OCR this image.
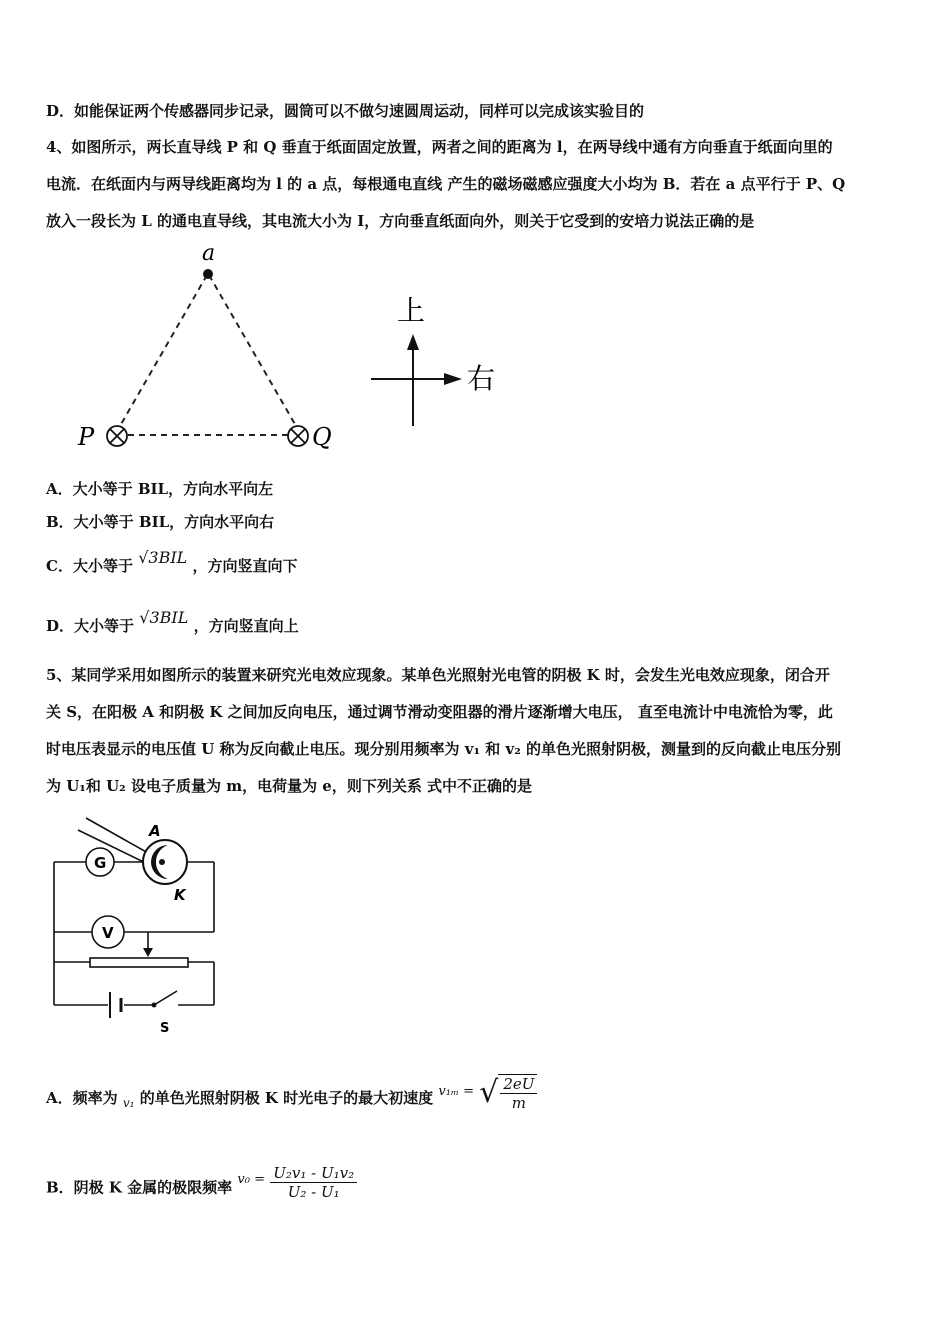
D．如能保证两个传感器同步记录，圆筒可以不做匀速圆周运动，同样可以完成该实验目的
4、如图所示，两长直导线 P 和 Q 垂直于纸面固定放置，两者之间的距离为 l，在两导线中通有方向垂直于纸面向里的
电流．在纸面内与两导线距离均为 l 的 a 点，每根通电直线 产生的磁场磁感应强度大小均为 B．若在 a 点平行于 P、Q
放入一段长为 L 的通电直导线，其电流大小为 I，方向垂直纸面向外，则关于它受到的安培力说法正确的是
a
P	Q
上
右
A．大小等于 BIL，方向水平向左
B．大小等于 BIL，方向水平向右
C．大小等于 √3BIL ，方向竖直向下
D．大小等于 √3BIL ，方向竖直向上
5、某同学采用如图所示的装置来研究光电效应现象。某单色光照射光电管的阴极 K 时，会发生光电效应现象，闭合开
关 S，在阳极 A 和阴极 K 之间加反向电压，通过调节滑动变阻器的滑片逐渐增大电压， 直至电流计中电流恰为零，此
时电压表显示的电压值 U 称为反向截止电压。现分别用频率为 v₁ 和 v₂ 的单色光照射阴极，测量到的反向截止电压分别
为 U₁和 U₂ 设电子质量为 m，电荷量为 e，则下列关系 式中不正确的是
G
A
K
V
S
A．频率为 $_{v_1}$ 的单色光照射阴极 K 时光电子的最大初速度 v₁ₘ = √ $\frac{2eU}{m}$
B．阴极 K 金属的极限频率 $v_0 = \frac{\text{U₂v₁ - U₁v₂}}{\text{U₂ - U₁}}$
